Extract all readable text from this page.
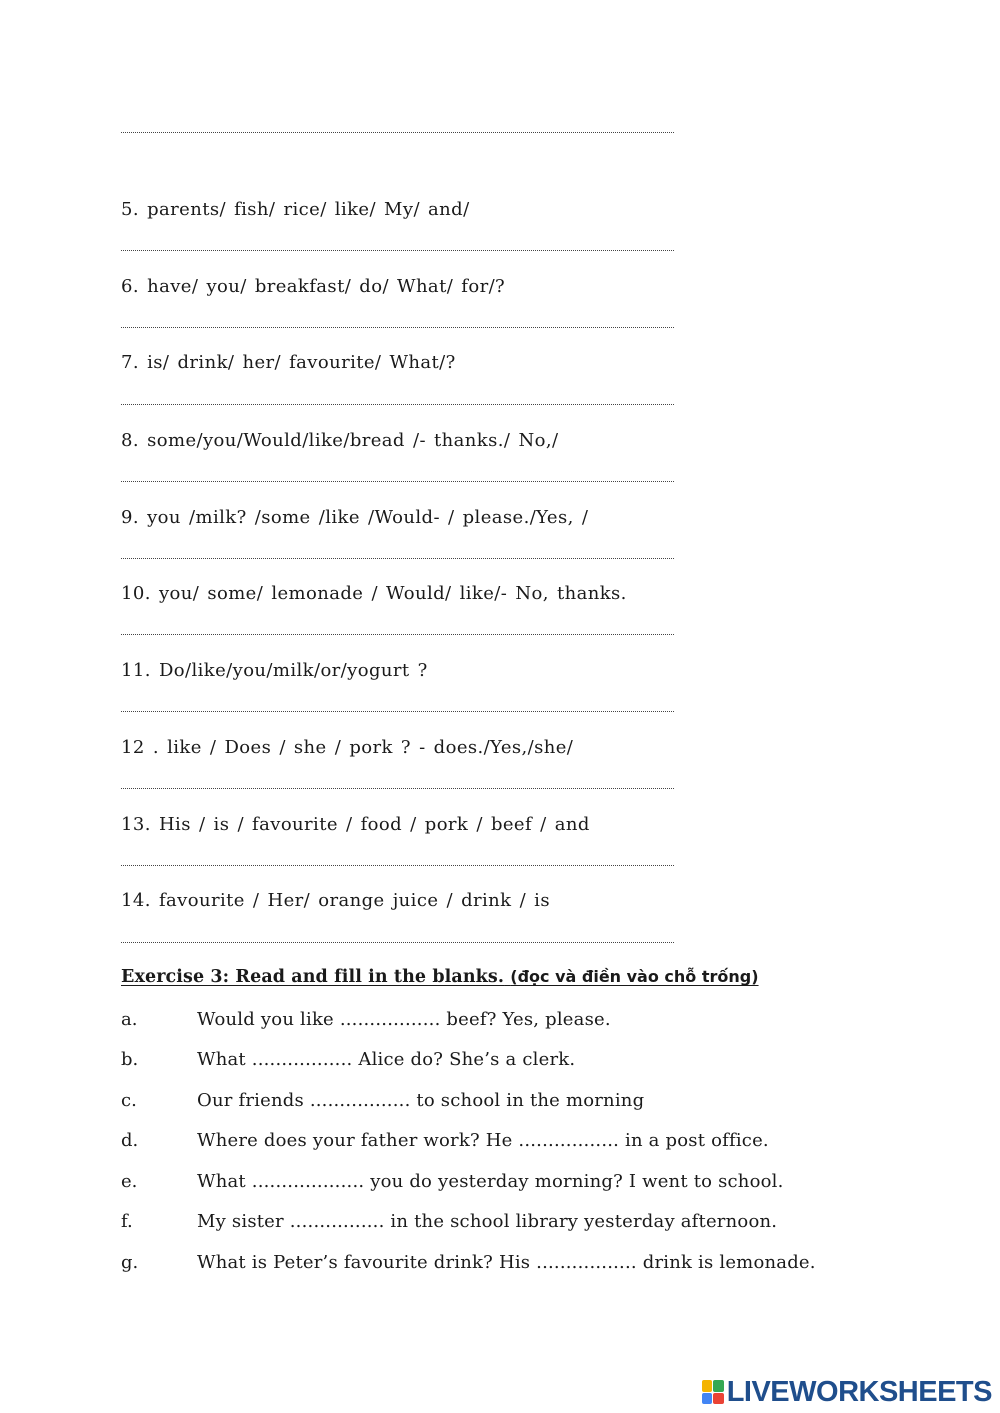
5. parents/ fish/ rice/ like/ My/ and/
6. have/ you/ breakfast/ do/ What/ for/?
7. is/ drink/ her/ favourite/ What/?
8. some/you/Would/like/bread /- thanks./ No,/
9. you /milk? /some /like /Would- / please./Yes, /
10. you/ some/ lemonade / Would/ like/- No, thanks.
11. Do/like/you/milk/or/yogurt ?
12 . like / Does / she / pork ? - does./Yes,/she/
13. His / is / favourite / food / pork / beef / and
14. favourite / Her/ orange juice / drink / is
Exercise 3: Read and fill in the blanks. (đọc và điền vào chỗ trống)
a.	Would you like ................. beef? Yes, please.
b.	What ................. Alice do? She’s a clerk.
c.	Our friends ................. to school in the morning
d.	Where does your father work? He ................. in a post office.
e.	What ................... you do yesterday morning? I went to school.
f.	My sister ................ in the school library yesterday afternoon.
g.	What is Peter’s favourite drink? His ................. drink is lemonade.
LIVEWORKSHEETS
